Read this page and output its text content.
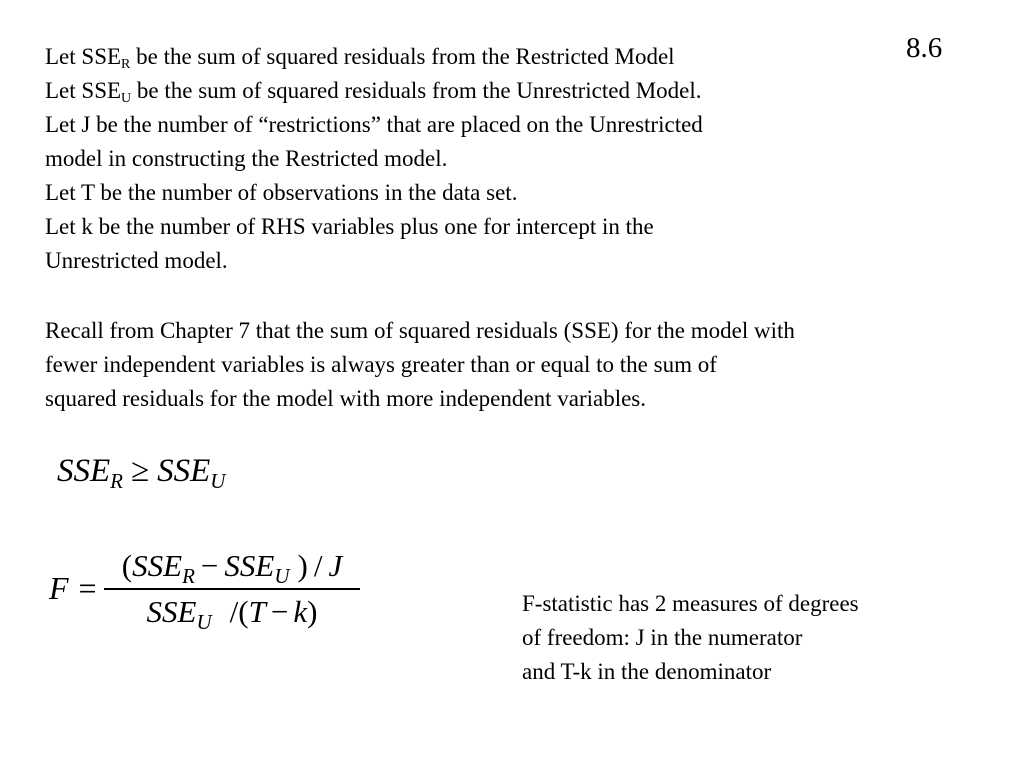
8.6
Let $SSE_R$ be the sum of squared residuals from the Restricted Model
Let $SSE_U$ be the sum of squared residuals from the Unrestricted Model.
Let J be the number of “restrictions” that are placed on the Unrestricted
model in constructing the Restricted model.
Let T be the number of observations in the data set.
Let k be the number of RHS variables plus one for intercept in the
Unrestricted model.
Recall from Chapter 7 that the sum of squared residuals (SSE) for the model with
fewer independent variables is always greater than or equal to the sum of
squared residuals for the model with more independent variables.
$SSE_R \ge SSE_U$
F =
($SSE_R - SSE_U$ ) / J
$SSE_U$ /(T − k)	F-statistic has 2 measures of degrees
of freedom: J in the numerator
and T-k in the denominator
